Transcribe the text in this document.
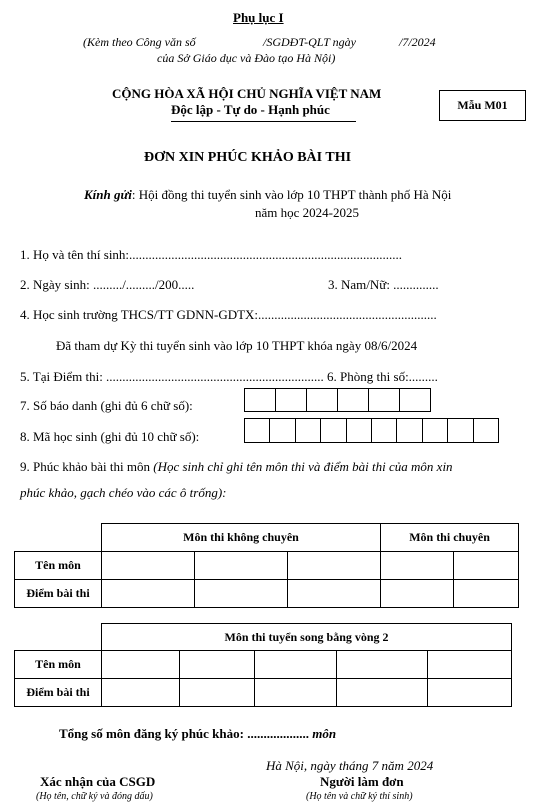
Phụ lục I
(Kèm theo Công văn số	/SGDĐT-QLT ngày	/7/2024
của Sở Giáo dục và Đào tạo Hà Nội)
CỘNG HÒA XÃ HỘI CHỦ NGHĨA VIỆT NAM
Độc lập - Tự do - Hạnh phúc	Mẫu M01
ĐƠN XIN PHÚC KHẢO BÀI THI
Kính gửi: Hội đồng thi tuyển sinh vào lớp 10 THPT thành phố Hà Nội
năm học 2024-2025
1. Họ và tên thí sinh:....................................................................................
2. Ngày sinh: ........./........./200.....	3. Nam/Nữ: ..............
4. Học sinh trường THCS/TT GDNN-GDTX:.......................................................
Đã tham dự Kỳ thi tuyển sinh vào lớp 10 THPT khóa ngày 08/6/2024
5. Tại Điểm thi: ................................................................... 6. Phòng thi số:.........
7. Số báo danh (ghi đủ 6 chữ số):
8. Mã học sinh (ghi đủ 10 chữ số):
9. Phúc khảo bài thi môn (Học sinh chỉ ghi tên môn thi và điểm bài thi của môn xin
phúc khảo, gạch chéo vào các ô trống):
	Môn thi không chuyên			Môn thi chuyên	
Tên môn					
Điểm bài thi					
	Môn thi tuyển song bằng vòng 2				
Tên môn					
Điểm bài thi					
Tổng số môn đăng ký phúc khảo: ................... môn
Hà Nội, ngày tháng 7 năm 2024
Xác nhận của CSGD
(Họ tên, chữ ký và đóng dấu)
Người làm đơn
(Họ tên và chữ ký thí sinh)
